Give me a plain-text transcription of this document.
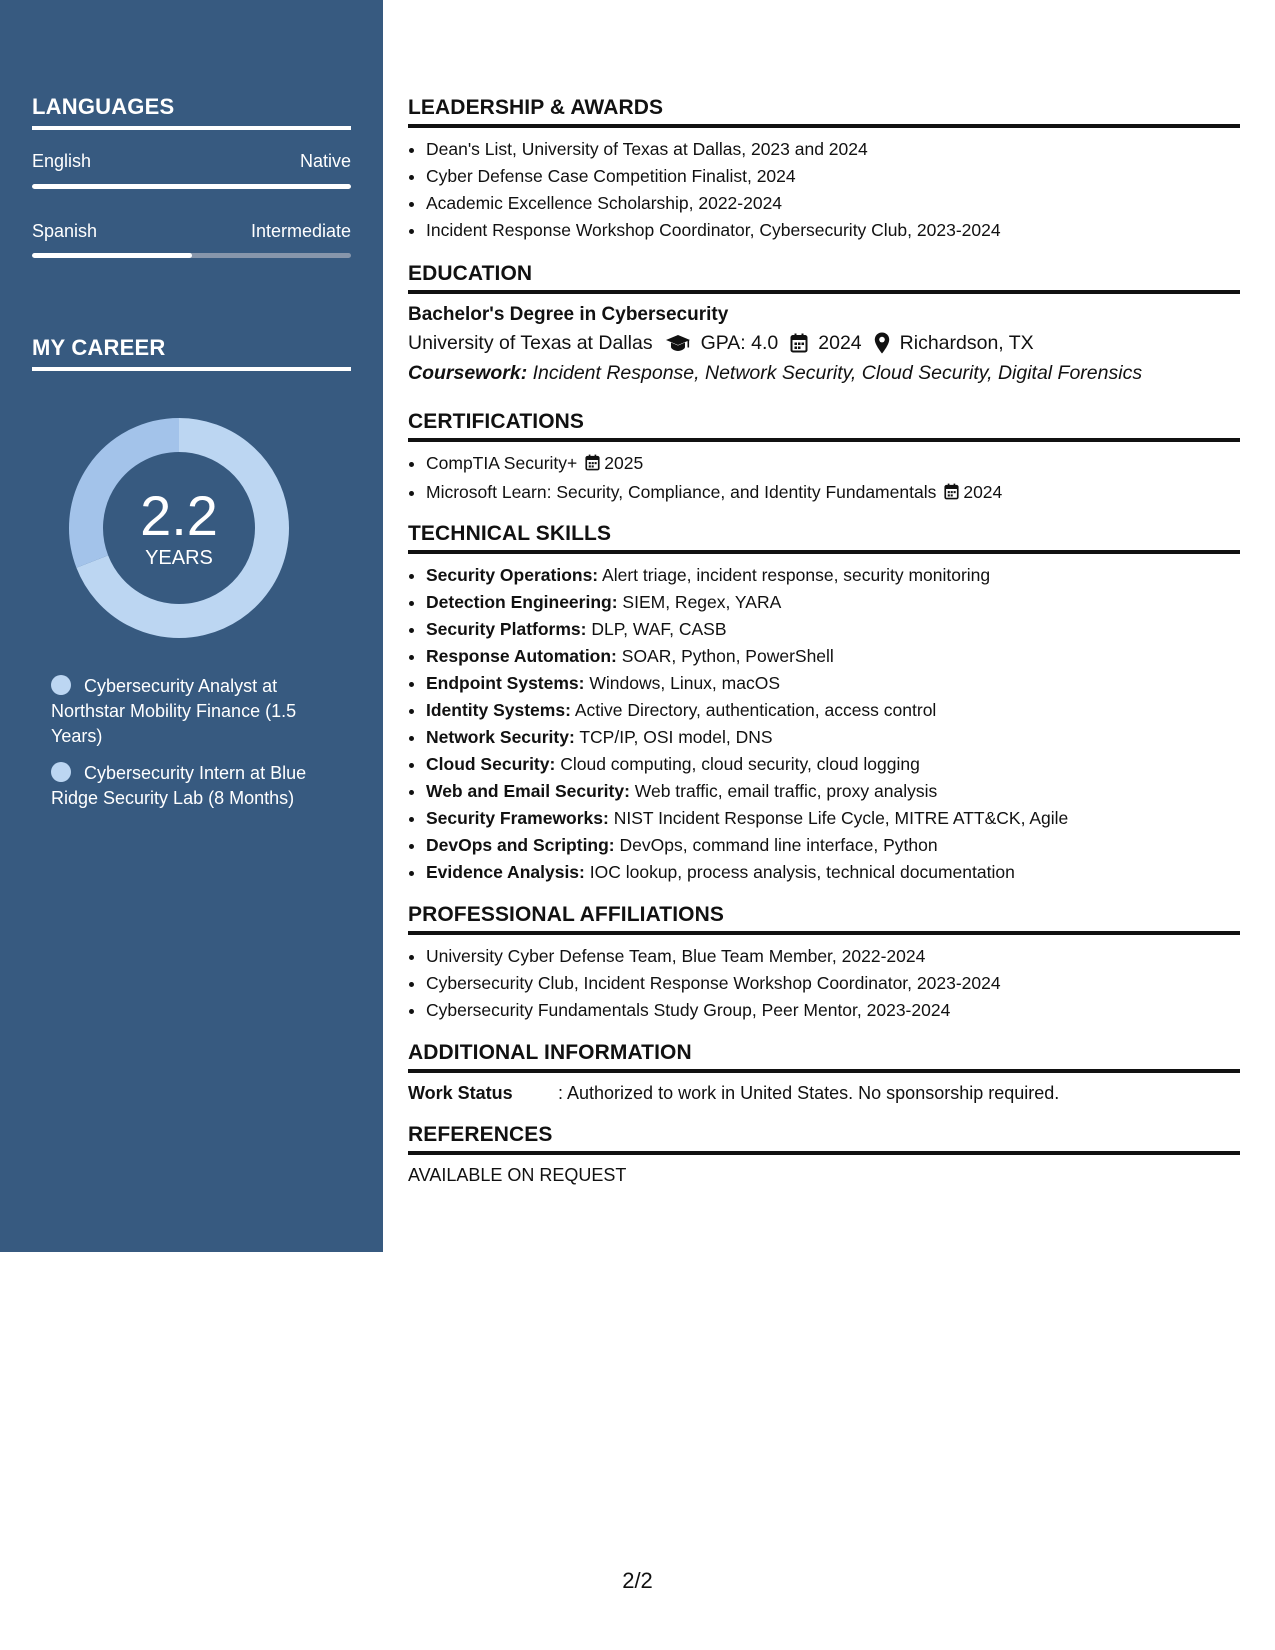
LANGUAGES
English	Native
Spanish	Intermediate
MY CAREER
2.2
YEARS
Cybersecurity Analyst at Northstar Mobility Finance (1.5 Years)
Cybersecurity Intern at Blue Ridge Security Lab (8 Months)
LEADERSHIP & AWARDS
• Dean's List, University of Texas at Dallas, 2023 and 2024
• Cyber Defense Case Competition Finalist, 2024
• Academic Excellence Scholarship, 2022-2024
• Incident Response Workshop Coordinator, Cybersecurity Club, 2023-2024
EDUCATION
Bachelor's Degree in Cybersecurity
University of Texas at Dallas GPA: 4.0 2024 Richardson, TX
Coursework: Incident Response, Network Security, Cloud Security, Digital Forensics
CERTIFICATIONS
• CompTIA Security+ 2025
• Microsoft Learn: Security, Compliance, and Identity Fundamentals 2024
TECHNICAL SKILLS
• Security Operations: Alert triage, incident response, security monitoring
• Detection Engineering: SIEM, Regex, YARA
• Security Platforms: DLP, WAF, CASB
• Response Automation: SOAR, Python, PowerShell
• Endpoint Systems: Windows, Linux, macOS
• Identity Systems: Active Directory, authentication, access control
• Network Security: TCP/IP, OSI model, DNS
• Cloud Security: Cloud computing, cloud security, cloud logging
• Web and Email Security: Web traffic, email traffic, proxy analysis
• Security Frameworks: NIST Incident Response Life Cycle, MITRE ATT&CK, Agile
• DevOps and Scripting: DevOps, command line interface, Python
• Evidence Analysis: IOC lookup, process analysis, technical documentation
PROFESSIONAL AFFILIATIONS
• University Cyber Defense Team, Blue Team Member, 2022-2024
• Cybersecurity Club, Incident Response Workshop Coordinator, 2023-2024
• Cybersecurity Fundamentals Study Group, Peer Mentor, 2023-2024
ADDITIONAL INFORMATION
Work Status	: Authorized to work in United States. No sponsorship required.
REFERENCES
AVAILABLE ON REQUEST
2/2
